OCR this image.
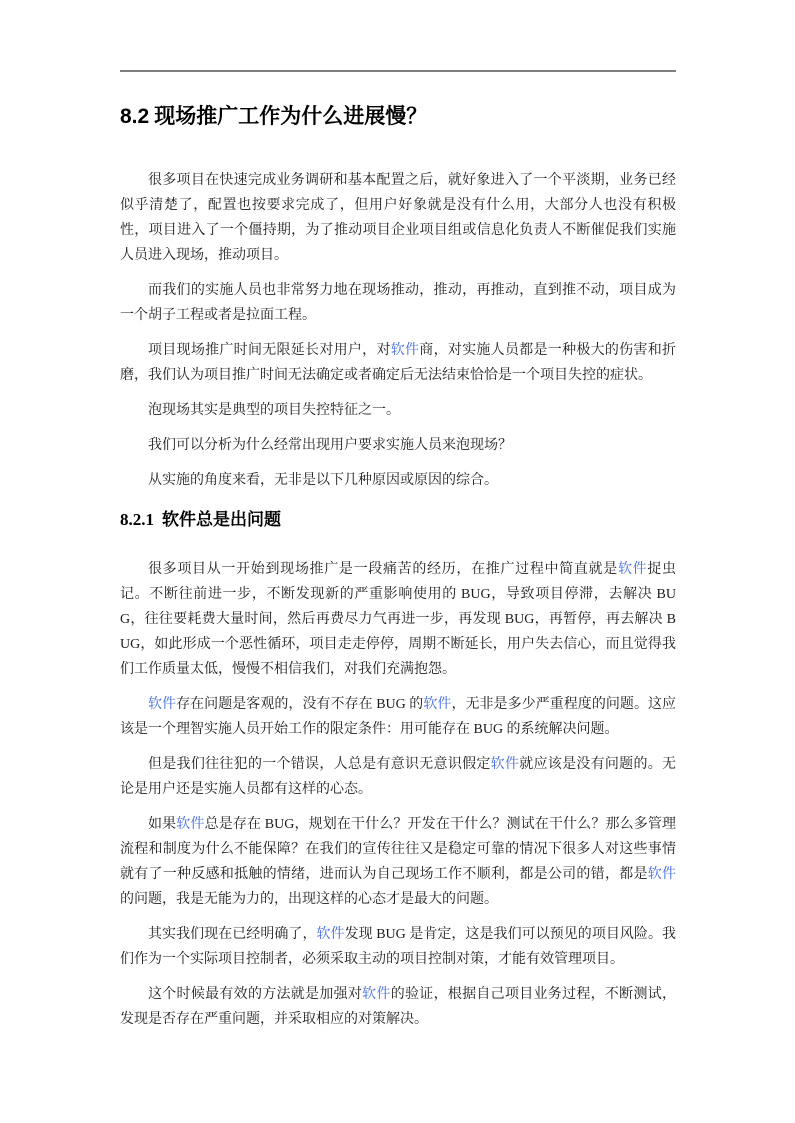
8.2 现场推广工作为什么进展慢？

很多项目在快速完成业务调研和基本配置之后，就好象进入了一个平淡期，业务已经似乎清楚了，配置也按要求完成了，但用户好象就是没有什么用，大部分人也没有积极性，项目进入了一个僵持期，为了推动项目企业项目组或信息化负责人不断催促我们实施人员进入现场，推动项目。

而我们的实施人员也非常努力地在现场推动，推动，再推动，直到推不动，项目成为一个胡子工程或者是拉面工程。

项目现场推广时间无限延长对用户，对软件商，对实施人员都是一种极大的伤害和折磨，我们认为项目推广时间无法确定或者确定后无法结束恰恰是一个项目失控的症状。

泡现场其实是典型的项目失控特征之一。

我们可以分析为什么经常出现用户要求实施人员来泡现场？

从实施的角度来看，无非是以下几种原因或原因的综合。

8.2.1 软件总是出问题

很多项目从一开始到现场推广是一段痛苦的经历，在推广过程中简直就是软件捉虫记。不断往前进一步，不断发现新的严重影响使用的 BUG，导致项目停滞，去解决 BUG，往往要耗费大量时间，然后再费尽力气再进一步，再发现 BUG，再暂停，再去解决 BUG，如此形成一个恶性循环，项目走走停停，周期不断延长，用户失去信心，而且觉得我们工作质量太低，慢慢不相信我们，对我们充满抱怨。

软件存在问题是客观的，没有不存在 BUG 的软件，无非是多少严重程度的问题。这应该是一个理智实施人员开始工作的限定条件：用可能存在 BUG 的系统解决问题。

但是我们往往犯的一个错误，人总是有意识无意识假定软件就应该是没有问题的。无论是用户还是实施人员都有这样的心态。

如果软件总是存在 BUG，规划在干什么？开发在干什么？测试在干什么？那么多管理流程和制度为什么不能保障？在我们的宣传往往又是稳定可靠的情况下很多人对这些事情就有了一种反感和抵触的情绪，进而认为自己现场工作不顺利，都是公司的错，都是软件的问题，我是无能为力的，出现这样的心态才是最大的问题。

其实我们现在已经明确了，软件发现 BUG 是肯定，这是我们可以预见的项目风险。我们作为一个实际项目控制者，必须采取主动的项目控制对策，才能有效管理项目。

这个时候最有效的方法就是加强对软件的验证，根据自己项目业务过程，不断测试，发现是否存在严重问题，并采取相应的对策解决。
